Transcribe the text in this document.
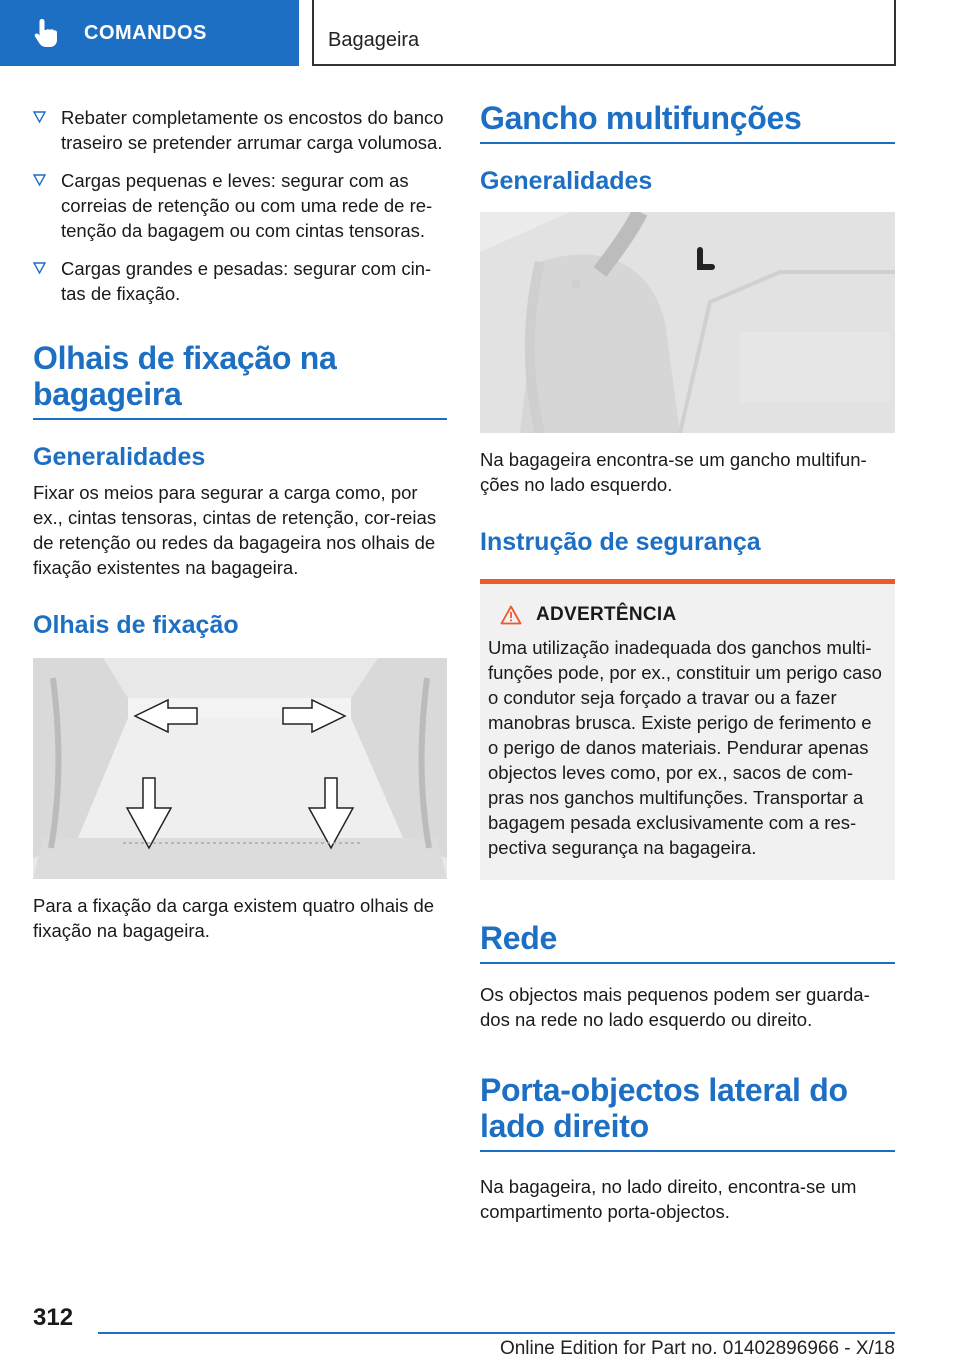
COMANDOS	Bagageira
Rebater completamente os encostos do banco traseiro se pretender arrumar carga volumosa.
Cargas pequenas e leves: segurar com as correias de retenção ou com uma rede de re-tenção da bagagem ou com cintas tensoras.
Cargas grandes e pesadas: segurar com cin-tas de fixação.
Olhais de fixação na bagageira
Generalidades
Fixar os meios para segurar a carga como, por ex., cintas tensoras, cintas de retenção, cor-reias de retenção ou redes da bagageira nos olhais de fixação existentes na bagageira.
Olhais de fixação
Para a fixação da carga existem quatro olhais de fixação na bagageira.
Gancho multifunções
Generalidades
Na bagageira encontra-se um gancho multifun-ções no lado esquerdo.
Instrução de segurança
ADVERTÊNCIA
Uma utilização inadequada dos ganchos multi-funções pode, por ex., constituir um perigo caso o condutor seja forçado a travar ou a fazer manobras brusca. Existe perigo de ferimento e o perigo de danos materiais. Pendurar apenas objectos leves como, por ex., sacos de com-pras nos ganchos multifunções. Transportar a bagagem pesada exclusivamente com a res-pectiva segurança na bagageira.
Rede
Os objectos mais pequenos podem ser guarda-dos na rede no lado esquerdo ou direito.
Porta-objectos lateral do lado direito
Na bagageira, no lado direito, encontra-se um compartimento porta-objectos.
312
Online Edition for Part no. 01402896966 - X/18
